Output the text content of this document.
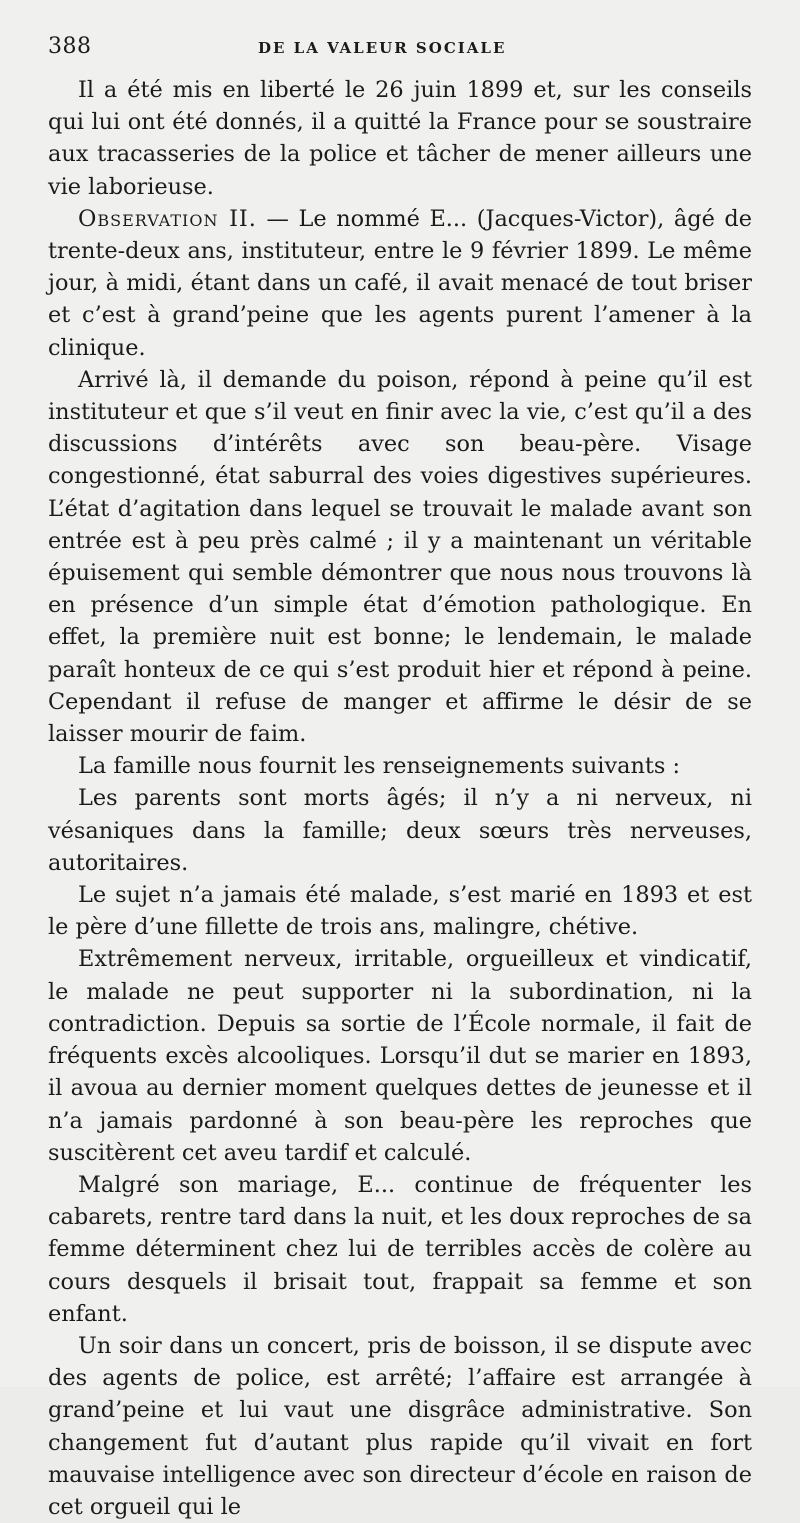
388	DE LA VALEUR SOCIALE

Il a été mis en liberté le 26 juin 1899 et, sur les conseils qui lui ont été donnés, il a quitté la France pour se soustraire aux tracasseries de la police et tâcher de mener ailleurs une vie laborieuse.

Observation II. — Le nommé E... (Jacques-Victor), âgé de trente-deux ans, instituteur, entre le 9 février 1899. Le même jour, à midi, étant dans un café, il avait menacé de tout briser et c’est à grand’peine que les agents purent l’amener à la clinique.

Arrivé là, il demande du poison, répond à peine qu’il est instituteur et que s’il veut en finir avec la vie, c’est qu’il a des discussions d’intérêts avec son beau-père. Visage congestionné, état saburral des voies digestives supérieures. L’état d’agitation dans lequel se trouvait le malade avant son entrée est à peu près calmé ; il y a maintenant un véritable épuisement qui semble démontrer que nous nous trouvons là en présence d’un simple état d’émotion pathologique. En effet, la première nuit est bonne; le lendemain, le malade paraît honteux de ce qui s’est produit hier et répond à peine. Cependant il refuse de manger et affirme le désir de se laisser mourir de faim.

La famille nous fournit les renseignements suivants :

Les parents sont morts âgés; il n’y a ni nerveux, ni vésaniques dans la famille; deux sœurs très nerveuses, autoritaires.

Le sujet n’a jamais été malade, s’est marié en 1893 et est le père d’une fillette de trois ans, malingre, chétive.

Extrêmement nerveux, irritable, orgueilleux et vindicatif, le malade ne peut supporter ni la subordination, ni la contradiction. Depuis sa sortie de l’École normale, il fait de fréquents excès alcooliques. Lorsqu’il dut se marier en 1893, il avoua au dernier moment quelques dettes de jeunesse et il n’a jamais pardonné à son beau-père les reproches que suscitèrent cet aveu tardif et calculé.

Malgré son mariage, E... continue de fréquenter les cabarets, rentre tard dans la nuit, et les doux reproches de sa femme déterminent chez lui de terribles accès de colère au cours desquels il brisait tout, frappait sa femme et son enfant.

Un soir dans un concert, pris de boisson, il se dispute avec des agents de police, est arrêté; l’affaire est arrangée à grand’peine et lui vaut une disgrâce administrative. Son changement fut d’autant plus rapide qu’il vivait en fort mauvaise intelligence avec son directeur d’école en raison de cet orgueil qui le
